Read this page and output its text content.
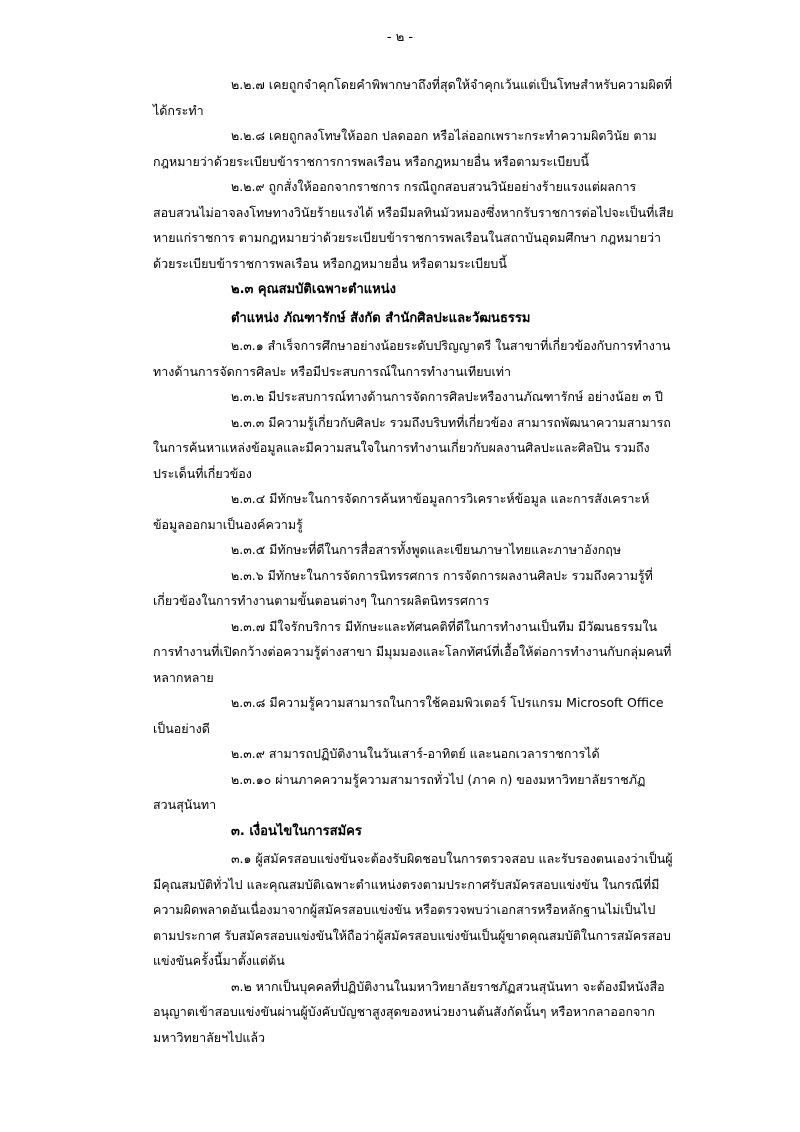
- ๒ -

๒.๒.๗ เคยถูกจำคุกโดยคำพิพากษาถึงที่สุดให้จำคุกเว้นแต่เป็นโทษสำหรับความผิดที่ได้กระทำ

๒.๒.๘ เคยถูกลงโทษให้ออก ปลดออก หรือไล่ออกเพราะกระทำความผิดวินัย ตามกฎหมายว่าด้วยระเบียบข้าราชการการพลเรือน หรือกฎหมายอื่น หรือตามระเบียบนี้

๒.๒.๙ ถูกสั่งให้ออกจากราชการ กรณีถูกสอบสวนวินัยอย่างร้ายแรงแต่ผลการสอบสวนไม่อาจลงโทษทางวินัยร้ายแรงได้ หรือมีมลทินมัวหมองซึ่งหากรับราชการต่อไปจะเป็นที่เสียหายแก่ราชการ ตามกฎหมายว่าด้วยระเบียบข้าราชการพลเรือนในสถาบันอุดมศึกษา กฎหมายว่าด้วยระเบียบข้าราชการพลเรือน หรือกฎหมายอื่น หรือตามระเบียบนี้

๒.๓ คุณสมบัติเฉพาะตำแหน่ง

ตำแหน่ง ภัณฑารักษ์ สังกัด สำนักศิลปะและวัฒนธรรม

๒.๓.๑ สำเร็จการศึกษาอย่างน้อยระดับปริญญาตรี ในสาขาที่เกี่ยวข้องกับการทำงานทางด้านการจัดการศิลปะ หรือมีประสบการณ์ในการทำงานเทียบเท่า

๒.๓.๒ มีประสบการณ์ทางด้านการจัดการศิลปะหรืองานภัณฑารักษ์ อย่างน้อย ๓ ปี

๒.๓.๓ มีความรู้เกี่ยวกับศิลปะ รวมถึงบริบทที่เกี่ยวข้อง สามารถพัฒนาความสามารถในการค้นหาแหล่งข้อมูลและมีความสนใจในการทำงานเกี่ยวกับผลงานศิลปะและศิลปิน รวมถึงประเด็นที่เกี่ยวข้อง

๒.๓.๔ มีทักษะในการจัดการค้นหาข้อมูลการวิเคราะห์ข้อมูล และการสังเคราะห์ข้อมูลออกมาเป็นองค์ความรู้

๒.๓.๕ มีทักษะที่ดีในการสื่อสารทั้งพูดและเขียนภาษาไทยและภาษาอังกฤษ

๒.๓.๖ มีทักษะในการจัดการนิทรรศการ การจัดการผลงานศิลปะ รวมถึงความรู้ที่เกี่ยวข้องในการทำงานตามขั้นตอนต่างๆ ในการผลิตนิทรรศการ

๒.๓.๗ มีใจรักบริการ มีทักษะและทัศนคติที่ดีในการทำงานเป็นทีม มีวัฒนธรรมในการทำงานที่เปิดกว้างต่อความรู้ต่างสาขา มีมุมมองและโลกทัศน์ที่เอื้อให้ต่อการทำงานกับกลุ่มคนที่หลากหลาย

๒.๓.๘ มีความรู้ความสามารถในการใช้คอมพิวเตอร์ โปรแกรม Microsoft Office เป็นอย่างดี

๒.๓.๙ สามารถปฏิบัติงานในวันเสาร์-อาทิตย์ และนอกเวลาราชการได้

๒.๓.๑๐ ผ่านภาคความรู้ความสามารถทั่วไป (ภาค ก) ของมหาวิทยาลัยราชภัฏสวนสุนันทา

๓. เงื่อนไขในการสมัคร

๓.๑ ผู้สมัครสอบแข่งขันจะต้องรับผิดชอบในการตรวจสอบ และรับรองตนเองว่าเป็นผู้มีคุณสมบัติทั่วไป และคุณสมบัติเฉพาะตำแหน่งตรงตามประกาศรับสมัครสอบแข่งขัน ในกรณีที่มีความผิดพลาดอันเนื่องมาจากผู้สมัครสอบแข่งขัน หรือตรวจพบว่าเอกสารหรือหลักฐานไม่เป็นไปตามประกาศ รับสมัครสอบแข่งขันให้ถือว่าผู้สมัครสอบแข่งขันเป็นผู้ขาดคุณสมบัติในการสมัครสอบแข่งขันครั้งนี้มาตั้งแต่ต้น

๓.๒ หากเป็นบุคคลที่ปฏิบัติงานในมหาวิทยาลัยราชภัฏสวนสุนันทา จะต้องมีหนังสืออนุญาตเข้าสอบแข่งขันผ่านผู้บังคับบัญชาสูงสุดของหน่วยงานต้นสังกัดนั้นๆ หรือหากลาออกจากมหาวิทยาลัยฯไปแล้ว
